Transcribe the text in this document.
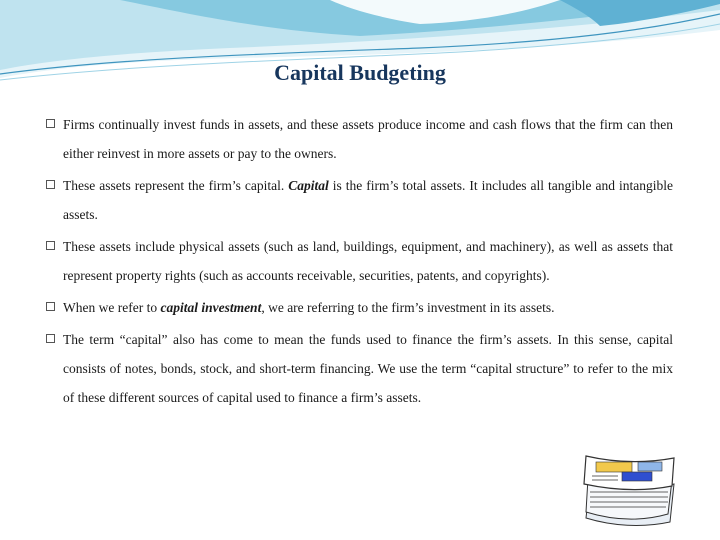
Capital Budgeting
Firms continually invest funds in assets, and these assets produce income and cash flows that the firm can then either reinvest in more assets or pay to the owners.
These assets represent the firm’s capital. Capital is the firm’s total assets. It includes all tangible and intangible assets.
These assets include physical assets (such as land, buildings, equipment, and machinery), as well as assets that represent property rights (such as accounts receivable, securities, patents, and copyrights).
When we refer to capital investment, we are referring to the firm’s investment in its assets.
The term “capital” also has come to mean the funds used to finance the firm’s assets. In this sense, capital consists of notes, bonds, stock, and short-term financing. We use the term “capital structure” to refer to the mix of these different sources of capital used to finance a firm’s assets.
